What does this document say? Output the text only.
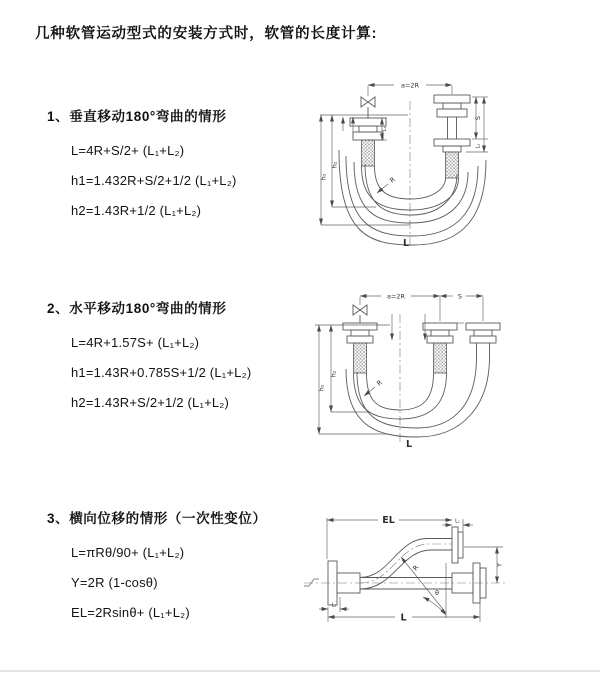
几种软管运动型式的安装方式时，软管的长度计算:
1、垂直移动180°弯曲的情形
L=4R+S/2+ (L₁+L₂)
h1=1.432R+S/2+1/2 (L₁+L₂)
h2=1.43R+1/2 (L₁+L₂)
a=2R
L₁
S
L₁
h₁
h₂
R
L
2、水平移动180°弯曲的情形
L=4R+1.57S+ (L₁+L₂)
h1=1.43R+0.785S+1/2 (L₁+L₂)
h2=1.43R+S/2+1/2 (L₁+L₂)
a=2R	S
h₁
h₂
R
L
3、横向位移的情形（一次性变位）
L=πRθ/90+ (L₁+L₂)
Y=2R (1-cosθ)
EL=2Rsinθ+ (L₁+L₂)
EL	L₁
Y
R
θ
L
L₁
